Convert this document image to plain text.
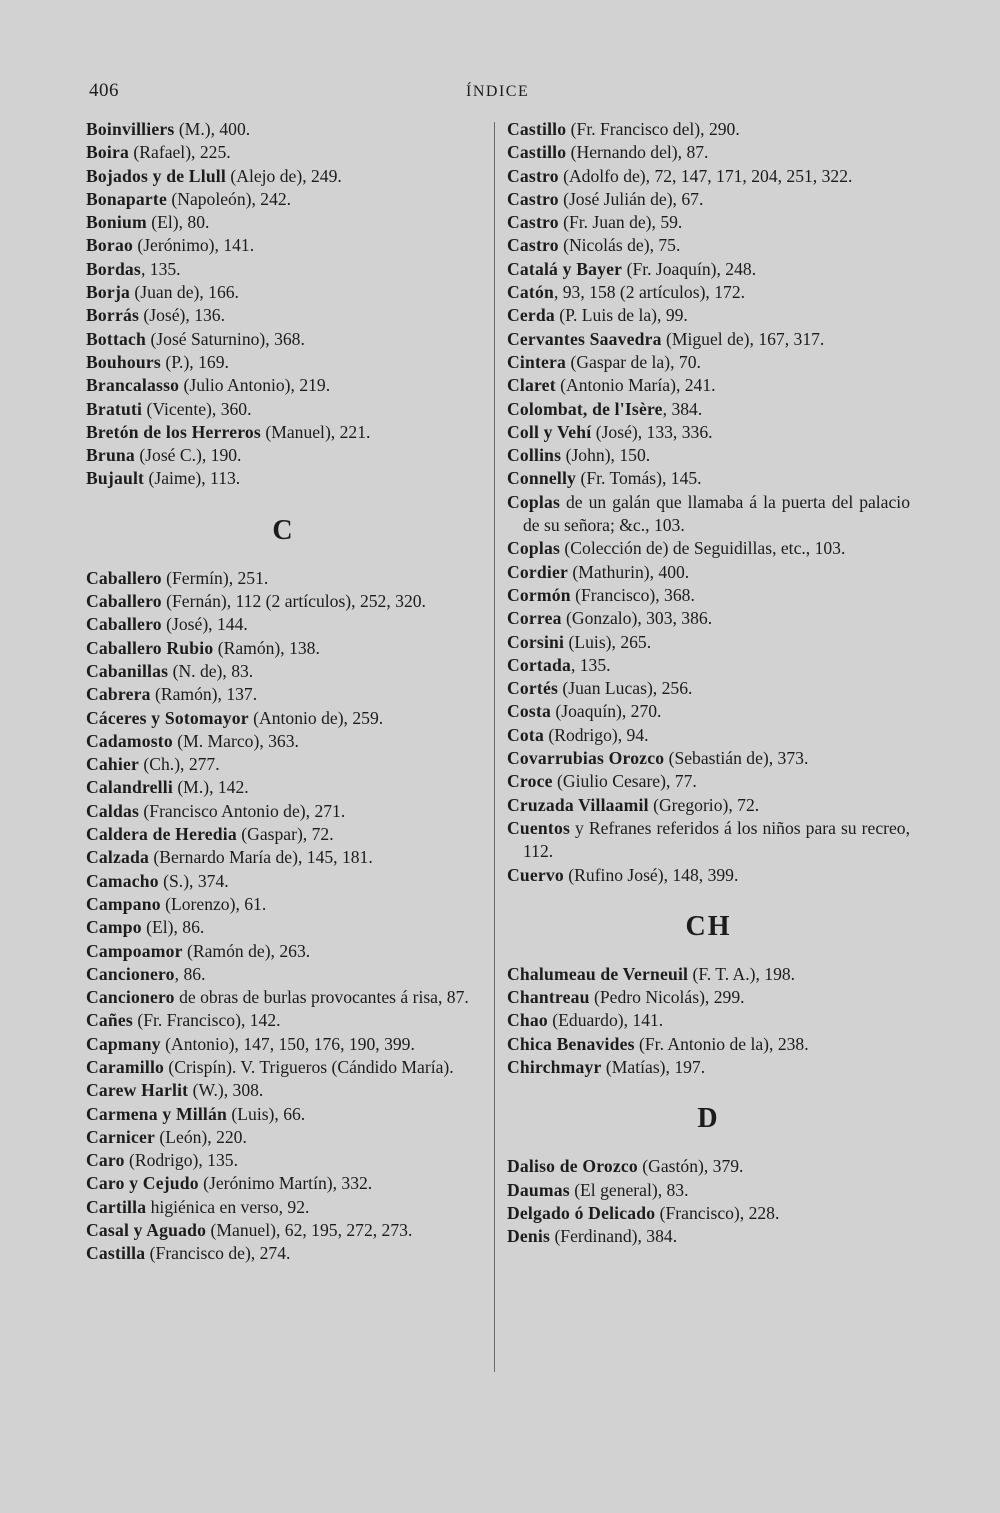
406	ÍNDICE
Boinvilliers (M.), 400.
Boira (Rafael), 225.
Bojados y de Llull (Alejo de), 249.
Bonaparte (Napoleón), 242.
Bonium (El), 80.
Borao (Jerónimo), 141.
Bordas, 135.
Borja (Juan de), 166.
Borrás (José), 136.
Bottach (José Saturnino), 368.
Bouhours (P.), 169.
Brancalasso (Julio Antonio), 219.
Bratuti (Vicente), 360.
Bretón de los Herreros (Manuel), 221.
Bruna (José C.), 190.
Bujault (Jaime), 113.
C
Caballero (Fermín), 251.
Caballero (Fernán), 112 (2 artículos), 252, 320.
Caballero (José), 144.
Caballero Rubio (Ramón), 138.
Cabanillas (N. de), 83.
Cabrera (Ramón), 137.
Cáceres y Sotomayor (Antonio de), 259.
Cadamosto (M. Marco), 363.
Cahier (Ch.), 277.
Calandrelli (M.), 142.
Caldas (Francisco Antonio de), 271.
Caldera de Heredia (Gaspar), 72.
Calzada (Bernardo María de), 145, 181.
Camacho (S.), 374.
Campano (Lorenzo), 61.
Campo (El), 86.
Campoamor (Ramón de), 263.
Cancionero, 86.
Cancionero de obras de burlas provocantes á risa, 87.
Cañes (Fr. Francisco), 142.
Capmany (Antonio), 147, 150, 176, 190, 399.
Caramillo (Crispín). V. Trigueros (Cándido María).
Carew Harlit (W.), 308.
Carmena y Millán (Luis), 66.
Carnicer (León), 220.
Caro (Rodrigo), 135.
Caro y Cejudo (Jerónimo Martín), 332.
Cartilla higiénica en verso, 92.
Casal y Aguado (Manuel), 62, 195, 272, 273.
Castilla (Francisco de), 274.
Castillo (Fr. Francisco del), 290.
Castillo (Hernando del), 87.
Castro (Adolfo de), 72, 147, 171, 204, 251, 322.
Castro (José Julián de), 67.
Castro (Fr. Juan de), 59.
Castro (Nicolás de), 75.
Catalá y Bayer (Fr. Joaquín), 248.
Catón, 93, 158 (2 artículos), 172.
Cerda (P. Luis de la), 99.
Cervantes Saavedra (Miguel de), 167, 317.
Cintera (Gaspar de la), 70.
Claret (Antonio María), 241.
Colombat, de l'Isère, 384.
Coll y Vehí (José), 133, 336.
Collins (John), 150.
Connelly (Fr. Tomás), 145.
Coplas de un galán que llamaba á la puerta del palacio de su señora; &c., 103.
Coplas (Colección de) de Seguidillas, etc., 103.
Cordier (Mathurin), 400.
Cormón (Francisco), 368.
Correa (Gonzalo), 303, 386.
Corsini (Luis), 265.
Cortada, 135.
Cortés (Juan Lucas), 256.
Costa (Joaquín), 270.
Cota (Rodrigo), 94.
Covarrubias Orozco (Sebastián de), 373.
Croce (Giulio Cesare), 77.
Cruzada Villaamil (Gregorio), 72.
Cuentos y Refranes referidos á los niños para su recreo, 112.
Cuervo (Rufino José), 148, 399.
CH
Chalumeau de Verneuil (F. T. A.), 198.
Chantreau (Pedro Nicolás), 299.
Chao (Eduardo), 141.
Chica Benavides (Fr. Antonio de la), 238.
Chirchmayr (Matías), 197.
D
Daliso de Orozco (Gastón), 379.
Daumas (El general), 83.
Delgado ó Delicado (Francisco), 228.
Denis (Ferdinand), 384.
